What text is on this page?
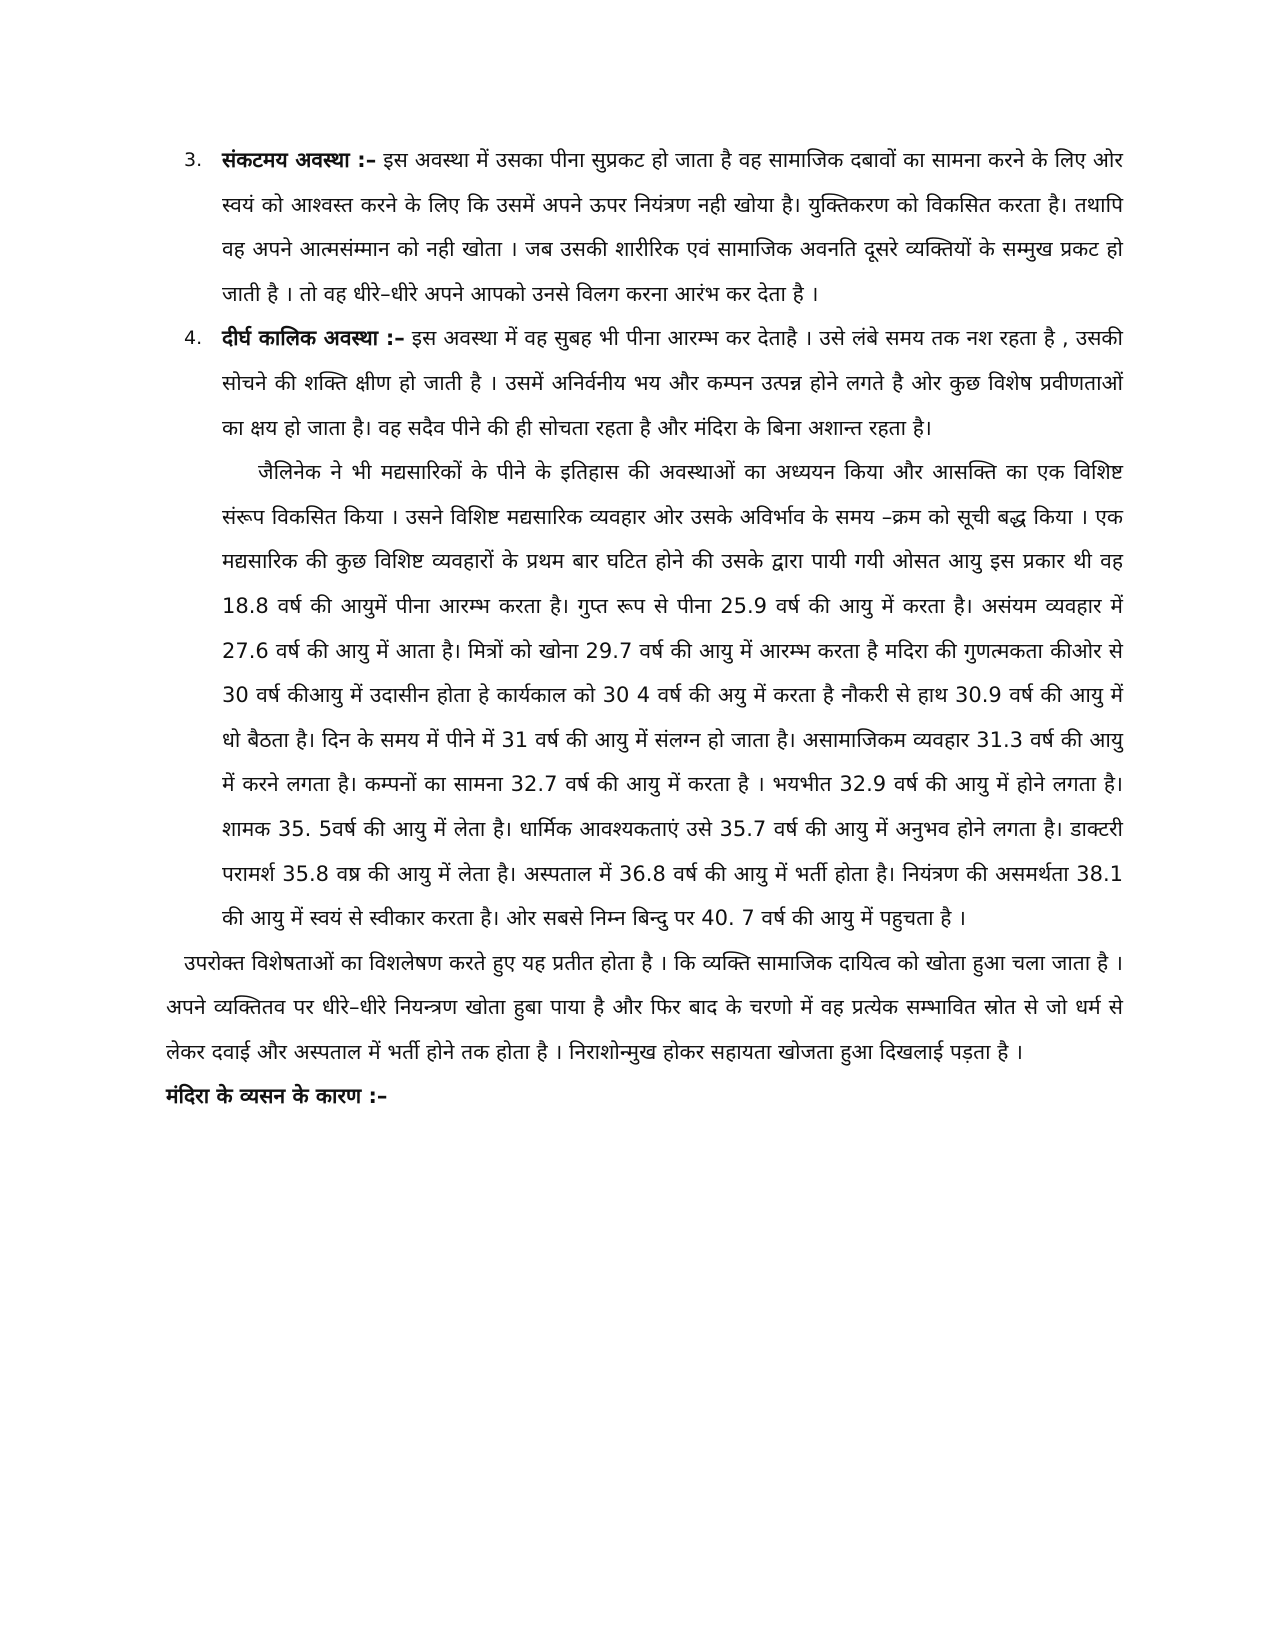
3. संकटमय अवस्था :– इस अवस्था में उसका पीना सुप्रकट हो जाता है वह सामाजिक दबावों का सामना करने के लिए ओर स्वयं को आश्वस्त करने के लिए कि उसमें अपने ऊपर नियंत्रण नही खोया है। युक्तिकरण को विकसित करता है। तथापि वह अपने आत्मसंम्मान को नही खोता । जब उसकी शारीरिक एवं सामाजिक अवनति दूसरे व्यक्तियों के सम्मुख प्रकट हो जाती है । तो वह धीरे–धीरे अपने आपको उनसे विलग करना आरंभ कर देता है ।
4. दीर्घ कालिक अवस्था :– इस अवस्था में वह सुबह भी पीना आरम्भ कर देताहै । उसे लंबे समय तक नश रहता है , उसकी सोचने की शक्ति क्षीण हो जाती है । उसमें अनिर्वनीय भय और कम्पन उत्पन्न होने लगते है ओर कुछ विशेष प्रवीणताओं का क्षय हो जाता है। वह सदैव पीने की ही सोचता रहता है और मंदिरा के बिना अशान्त रहता है।
जैलिनेक ने भी मद्यसारिकों के पीने के इतिहास की अवस्थाओं का अध्ययन किया और आसक्ति का एक विशिष्ट संरूप विकसित किया । उसने विशिष्ट मद्यसारिक व्यवहार ओर उसके अविर्भाव के समय –क्रम को सूची बद्ध किया । एक मद्यसारिक की कुछ विशिष्ट व्यवहारों के प्रथम बार घटित होने की उसके द्वारा पायी गयी ओसत आयु इस प्रकार थी वह 18.8 वर्ष की आयुमें पीना आरम्भ करता है। गुप्त रूप से पीना 25.9 वर्ष की आयु में करता है। असंयम व्यवहार में 27.6 वर्ष की आयु में आता है। मित्रों को खोना 29.7 वर्ष की आयु में आरम्भ करता है मदिरा की गुणत्मकता कीओर से 30 वर्ष कीआयु में उदासीन होता हे कार्यकाल को 30 4 वर्ष की अयु में करता है नौकरी से हाथ 30.9 वर्ष की आयु में धो बैठता है। दिन के समय में पीने में 31 वर्ष की आयु में संलग्न हो जाता है। असामाजिकम व्यवहार 31.3 वर्ष की आयु में करने लगता है। कम्पनों का सामना 32.7 वर्ष की आयु में करता है । भयभीत 32.9 वर्ष की आयु में होने लगता है। शामक 35. 5वर्ष की आयु में लेता है। धार्मिक आवश्यकताएं उसे 35.7 वर्ष की आयु में अनुभव होने लगता है। डाक्टरी परामर्श 35.8 वष्र की आयु में लेता है। अस्पताल में 36.8 वर्ष की आयु में भर्ती होता है। नियंत्रण की असमर्थता 38.1 की आयु में स्वयं से स्वीकार करता है। ओर सबसे निम्न बिन्दु पर 40. 7 वर्ष की आयु में पहुचता है ।
उपरोक्त विशेषताओं का विशलेषण करते हुए यह प्रतीत होता है । कि व्यक्ति सामाजिक दायित्व को खोता हुआ चला जाता है । अपने व्यक्तितव पर धीरे–धीरे नियन्त्रण खोता हुबा पाया है और फिर बाद के चरणो में वह प्रत्येक सम्भावित स्रोत से जो धर्म से लेकर दवाई और अस्पताल में भर्ती होने तक होता है । निराशोन्मुख होकर सहायता खोजता हुआ दिखलाई पड़ता है ।
मंदिरा के व्यसन के कारण :–
